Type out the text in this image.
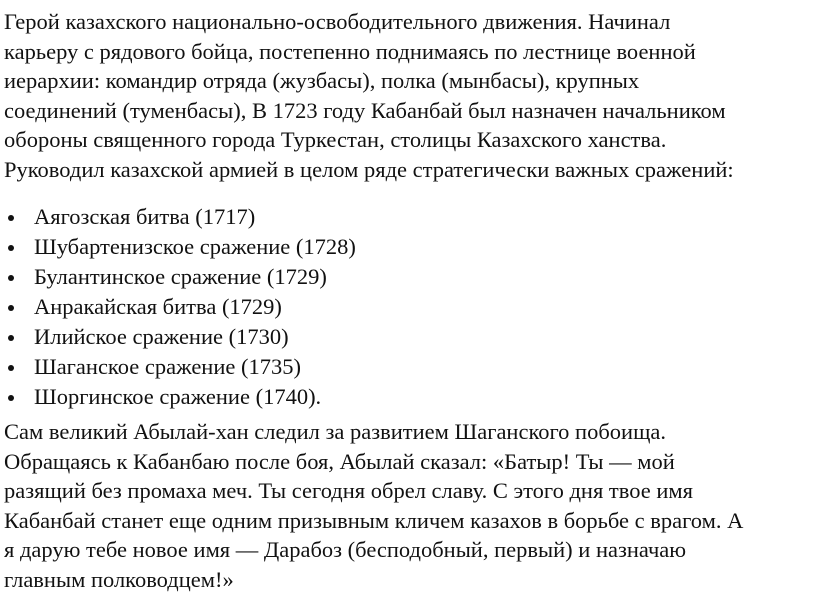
Герой казахского национально-освободительного движения. Начинал
карьеру с рядового бойца, постепенно поднимаясь по лестнице военной
иерархии: командир отряда (жузбасы), полка (мынбасы), крупных
соединений (туменбасы), В 1723 году Кабанбай был назначен начальником
обороны священного города Туркестан, столицы Казахского ханства.
Руководил казахской армией в целом ряде стратегически важных сражений:

Аягозская битва (1717)
Шубартенизское сражение (1728)
Булантинское сражение (1729)
Анракайская битва (1729)
Илийское сражение (1730)
Шаганское сражение (1735)
Шоргинское сражение (1740).

Сам великий Абылай-хан следил за развитием Шаганского побоища.
Обращаясь к Кабанбаю после боя, Абылай сказал: «Батыр! Ты — мой
разящий без промаха меч. Ты сегодня обрел славу. С этого дня твое имя
Кабанбай станет еще одним призывным кличем казахов в борьбе с врагом. А
я дарую тебе новое имя — Дарабоз (бесподобный, первый) и назначаю
главным полководцем!»
